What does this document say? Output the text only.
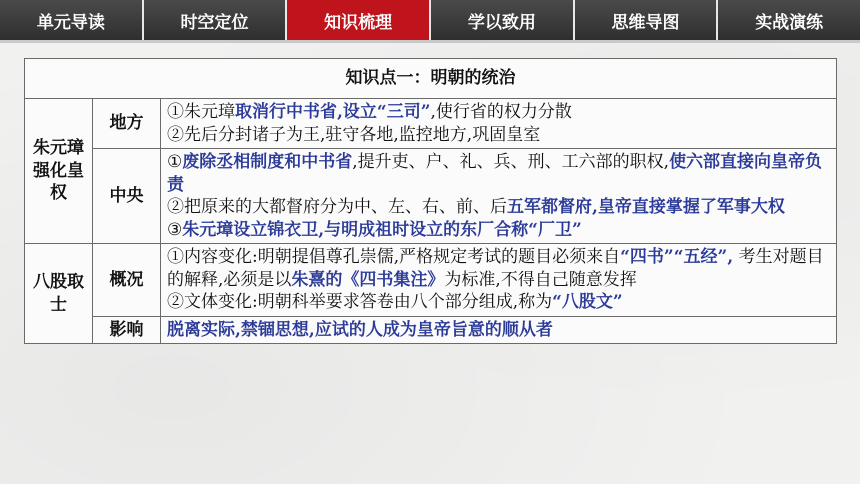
单元导读	时空定位	知识梳理	学以致用	思维导图	实战演练
知识点一：明朝的统治		
朱元璋强化皇权	地方	①朱元璋取消行中书省,设立“三司”,使行省的权力分散

②先后分封诸子为王,驻守各地,监控地方,巩固皇室

	中央	①废除丞相制度和中书省,提升吏、户、礼、兵、刑、工六部的职权,使六部直接向皇帝负责

②把原来的大都督府分为中、左、右、前、后五军都督府,皇帝直接掌握了军事大权

③朱元璋设立锦衣卫,与明成祖时设立的东厂合称“厂卫”

八股取士	概况	①内容变化:明朝提倡尊孔崇儒,严格规定考试的题目必须来自“四书”“五经”, 考生对题目的解释,必须是以朱熹的《四书集注》为标准,不得自己随意发挥

②文体变化:明朝科举要求答卷由八个部分组成,称为“八股文”

	影响	脱离实际,禁锢思想,应试的人成为皇帝旨意的顺从者
